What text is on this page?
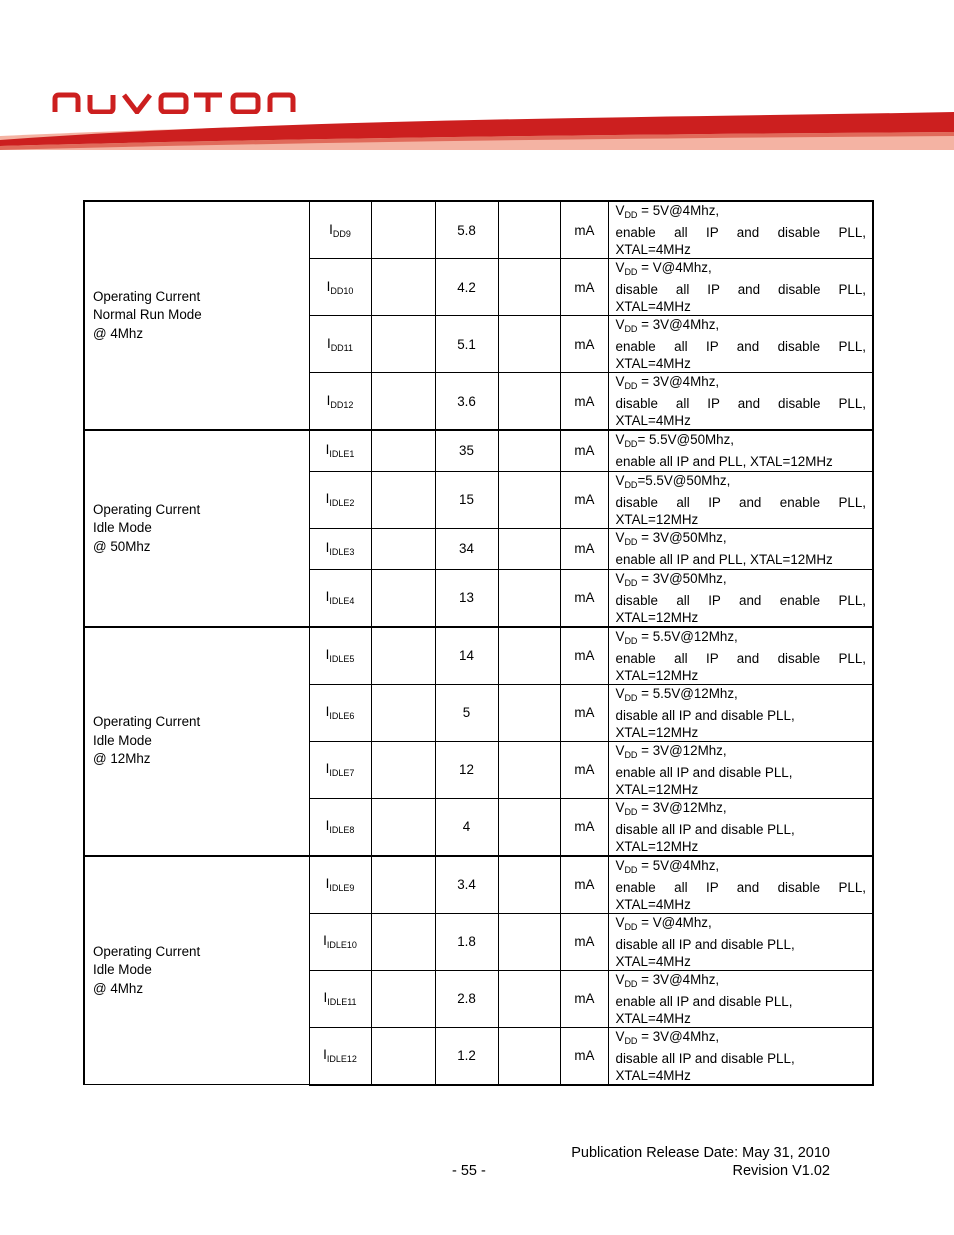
Operating Current
Normal Run Mode
@ 4Mhz	$I_{DD9}$		5.8		mA	$V_{DD}$ = 5V@4Mhz,
enable all IP and disable PLL,
XTAL=4MHz

	$I_{DD10}$		4.2		mA	$V_{DD}$ = V@4Mhz,
disable all IP and disable PLL,
XTAL=4MHz

	$I_{DD11}$		5.1		mA	$V_{DD}$ = 3V@4Mhz,
enable all IP and disable PLL,
XTAL=4MHz

	$I_{DD12}$		3.6		mA	$V_{DD}$ = 3V@4Mhz,
disable all IP and disable PLL,
XTAL=4MHz

Operating Current
Idle Mode
@ 50Mhz	$I_{IDLE1}$		35		mA	$V_{DD}=$ 5.5V@50Mhz,
enable all IP and PLL, XTAL=12MHz

	$I_{IDLE2}$		15		mA	$V_{DD}=5.5V@50Mhz$,
disable all IP and enable PLL,
XTAL=12MHz

	$I_{IDLE3}$		34		mA	$V_{DD}$ = 3V@50Mhz,
enable all IP and PLL, XTAL=12MHz

	$I_{IDLE4}$		13		mA	$V_{DD}$ = 3V@50Mhz,
disable all IP and enable PLL,
XTAL=12MHz

Operating Current
Idle Mode
@ 12Mhz	$I_{IDLE5}$		14		mA	$V_{DD}$ = 5.5V@12Mhz,
enable all IP and disable PLL,
XTAL=12MHz

	$I_{IDLE6}$		5		mA	$V_{DD}$ = 5.5V@12Mhz,
disable all IP and disable PLL,
XTAL=12MHz

	$I_{IDLE7}$		12		mA	$V_{DD}$ = 3V@12Mhz,
enable all IP and disable PLL,
XTAL=12MHz

	$I_{IDLE8}$		4		mA	$V_{DD}$ = 3V@12Mhz,
disable all IP and disable PLL,
XTAL=12MHz

Operating Current
Idle Mode
@ 4Mhz	$I_{IDLE9}$		3.4		mA	$V_{DD}$ = 5V@4Mhz,
enable all IP and disable PLL,
XTAL=4MHz

	$I_{IDLE10}$		1.8		mA	$V_{DD}$ = V@4Mhz,
disable all IP and disable PLL,
XTAL=4MHz

	$I_{IDLE11}$		2.8		mA	$V_{DD}$ = 3V@4Mhz,
enable all IP and disable PLL,
XTAL=4MHz

	$I_{IDLE12}$		1.2		mA	$V_{DD}$ = 3V@4Mhz,
disable all IP and disable PLL,
XTAL=4MHz
Publication Release Date: May 31, 2010
- 55 -	Revision V1.02
